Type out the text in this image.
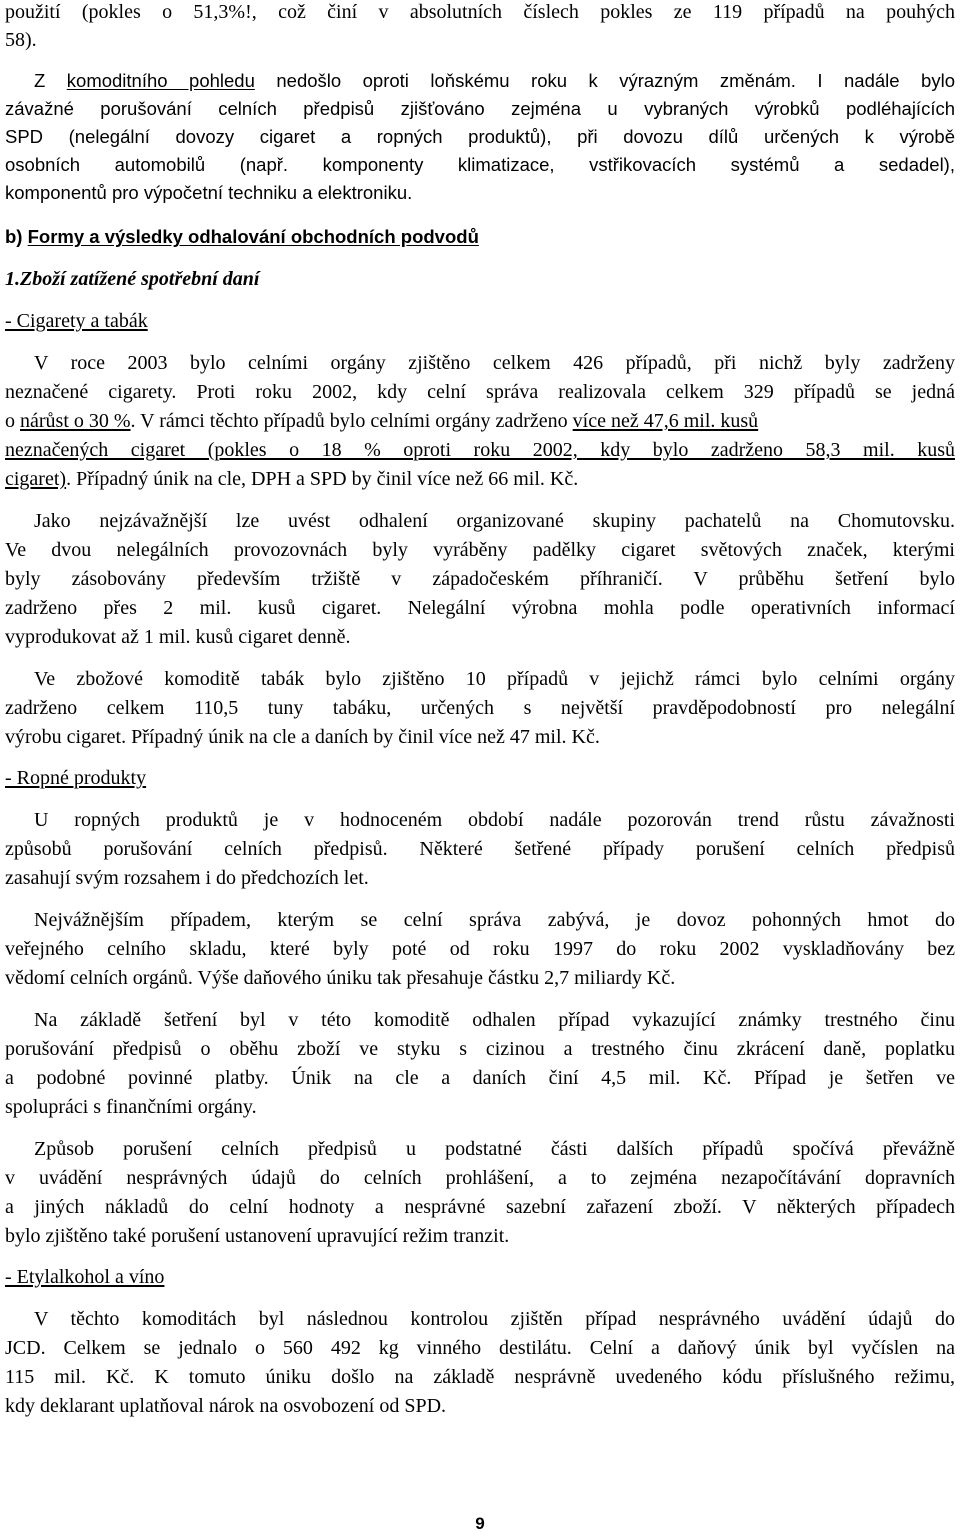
použití (pokles o 51,3%!, což činí v absolutních číslech pokles ze 119 případů na pouhých
58).
Z komoditního pohledu nedošlo oproti loňskému roku k výrazným změnám. I nadále bylo
závažné porušování celních předpisů zjišťováno zejména u vybraných výrobků podléhajících
SPD (nelegální dovozy cigaret a ropných produktů), při dovozu dílů určených k výrobě
osobních automobilů (např. komponenty klimatizace, vstřikovacích systémů a sedadel),
komponentů pro výpočetní techniku a elektroniku.
b) Formy a výsledky odhalování obchodních podvodů
1.Zboží zatížené spotřební daní
- Cigarety a tabák
V roce 2003 bylo celními orgány zjištěno celkem 426 případů, při nichž byly zadrženy
neznačené cigarety. Proti roku 2002, kdy celní správa realizovala celkem 329 případů se jedná
o nárůst o 30 %. V rámci těchto případů bylo celními orgány zadrženo více než 47,6 mil. kusů
neznačených cigaret (pokles o 18 % oproti roku 2002, kdy bylo zadrženo 58,3 mil. kusů
cigaret). Případný únik na cle, DPH a SPD by činil více než 66 mil. Kč.
Jako nejzávažnější lze uvést odhalení organizované skupiny pachatelů na Chomutovsku.
Ve dvou nelegálních provozovnách byly vyráběny padělky cigaret světových značek, kterými
byly zásobovány především tržiště v západočeském příhraničí. V průběhu šetření bylo
zadrženo přes 2 mil. kusů cigaret. Nelegální výrobna mohla podle operativních informací
vyprodukovat až 1 mil. kusů cigaret denně.
Ve zbožové komoditě tabák bylo zjištěno 10 případů v jejichž rámci bylo celními orgány
zadrženo celkem 110,5 tuny tabáku, určených s největší pravděpodobností pro nelegální
výrobu cigaret. Případný únik na cle a daních by činil více než 47 mil. Kč.
- Ropné produkty
U ropných produktů je v hodnoceném období nadále pozorován trend růstu závažnosti
způsobů porušování celních předpisů. Některé šetřené případy porušení celních předpisů
zasahují svým rozsahem i do předchozích let.
Nejvážnějším případem, kterým se celní správa zabývá, je dovoz pohonných hmot do
veřejného celního skladu, které byly poté od roku 1997 do roku 2002 vyskladňovány bez
vědomí celních orgánů. Výše daňového úniku tak přesahuje částku 2,7 miliardy Kč.
Na základě šetření byl v této komoditě odhalen případ vykazující známky trestného činu
porušování předpisů o oběhu zboží ve styku s cizinou a trestného činu zkrácení daně, poplatku
a podobné povinné platby. Únik na cle a daních činí 4,5 mil. Kč. Případ je šetřen ve
spolupráci s finančními orgány.
Způsob porušení celních předpisů u podstatné části dalších případů spočívá převážně
v uvádění nesprávných údajů do celních prohlášení, a to zejména nezapočítávání dopravních
a jiných nákladů do celní hodnoty a nesprávné sazební zařazení zboží. V některých případech
bylo zjištěno také porušení ustanovení upravující režim tranzit.
- Etylalkohol a víno
V těchto komoditách byl následnou kontrolou zjištěn případ nesprávného uvádění údajů do
JCD. Celkem se jednalo o 560 492 kg vinného destilátu. Celní a daňový únik byl vyčíslen na
115 mil. Kč. K tomuto úniku došlo na základě nesprávně uvedeného kódu příslušného režimu,
kdy deklarant uplatňoval nárok na osvobození od SPD.
9
